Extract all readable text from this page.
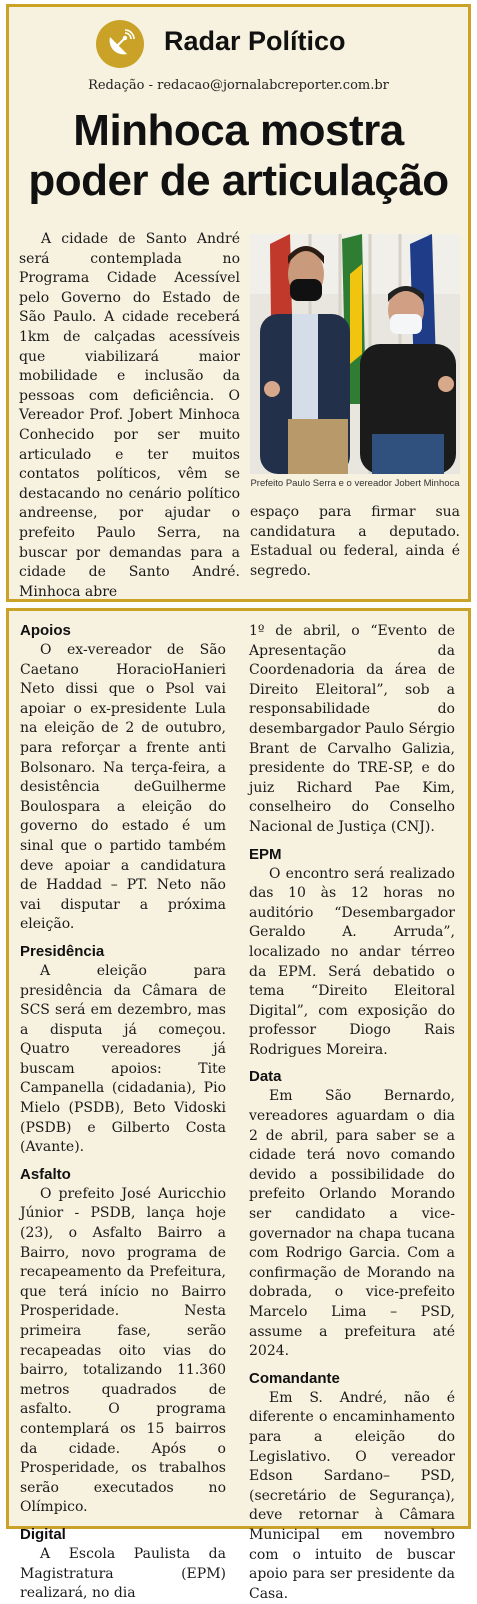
Radar Político
Redação - redacao@jornalabcreporter.com.br
Minhoca mostra
poder de articulação

A cidade de Santo André será contemplada no Programa Cidade Acessível pelo Governo do Estado de São Paulo. A cidade receberá 1km de calçadas acessíveis que viabilizará maior mobilidade e inclusão da pessoas com deficiência. O Vereador Prof. Jobert Minhoca Conhecido por ser muito articulado e ter muitos contatos políticos, vêm se destacando no cenário político andreense, por ajudar o prefeito Paulo Serra, na buscar por demandas para a cidade de Santo André. Minhoca abre

Prefeito Paulo Serra e o vereador Jobert Minhoca

espaço para firmar sua candidatura a deputado. Estadual ou federal, ainda é segredo.

Apoios

O ex-vereador de São Caetano HoracioHanieri Neto dissi que o Psol vai apoiar o ex-presidente Lula na eleição de 2 de outubro, para reforçar a frente anti Bolsonaro. Na terça-feira, a desistência deGuilherme Boulospara a eleição do governo do estado é um sinal que o partido também deve apoiar a candidatura de Haddad – PT. Neto não vai disputar a próxima eleição.

Presidência

A eleição para presidência da Câmara de SCS será em dezembro, mas a disputa já começou. Quatro vereadores já buscam apoios: Tite Campanella (cidadania), Pio Mielo (PSDB), Beto Vidoski (PSDB) e Gilberto Costa (Avante).

Asfalto

O prefeito José Auricchio Júnior - PSDB, lança hoje (23), o Asfalto Bairro a Bairro, novo programa de recapeamento da Prefeitura, que terá início no Bairro Prosperidade. Nesta primeira fase, serão recapeadas oito vias do bairro, totalizando 11.360 metros quadrados de asfalto. O programa contemplará os 15 bairros da cidade. Após o Prosperidade, os trabalhos serão executados no Olímpico.

Digital

A Escola Paulista da Magistratura (EPM) realizará, no dia

1º de abril, o “Evento de Apresentação da Coordenadoria da área de Direito Eleitoral”, sob a responsabilidade do desembargador Paulo Sérgio Brant de Carvalho Galizia, presidente do TRE-SP, e do juiz Richard Pae Kim, conselheiro do Conselho Nacional de Justiça (CNJ).

EPM

O encontro será realizado das 10 às 12 horas no auditório “Desembargador Geraldo A. Arruda”, localizado no andar térreo da EPM. Será debatido o tema “Direito Eleitoral Digital”, com exposição do professor Diogo Rais Rodrigues Moreira.

Data

Em São Bernardo, vereadores aguardam o dia 2 de abril, para saber se a cidade terá novo comando devido a possibilidade do prefeito Orlando Morando ser candidato a vice-governador na chapa tucana com Rodrigo Garcia. Com a confirmação de Morando na dobrada, o vice-prefeito Marcelo Lima – PSD, assume a prefeitura até 2024.

Comandante

Em S. André, não é diferente o encaminhamento para a eleição do Legislativo. O vereador Edson Sardano– PSD, (secretário de Segurança), deve retornar à Câmara Municipal em novembro com o intuito de buscar apoio para ser presidente da Casa.
